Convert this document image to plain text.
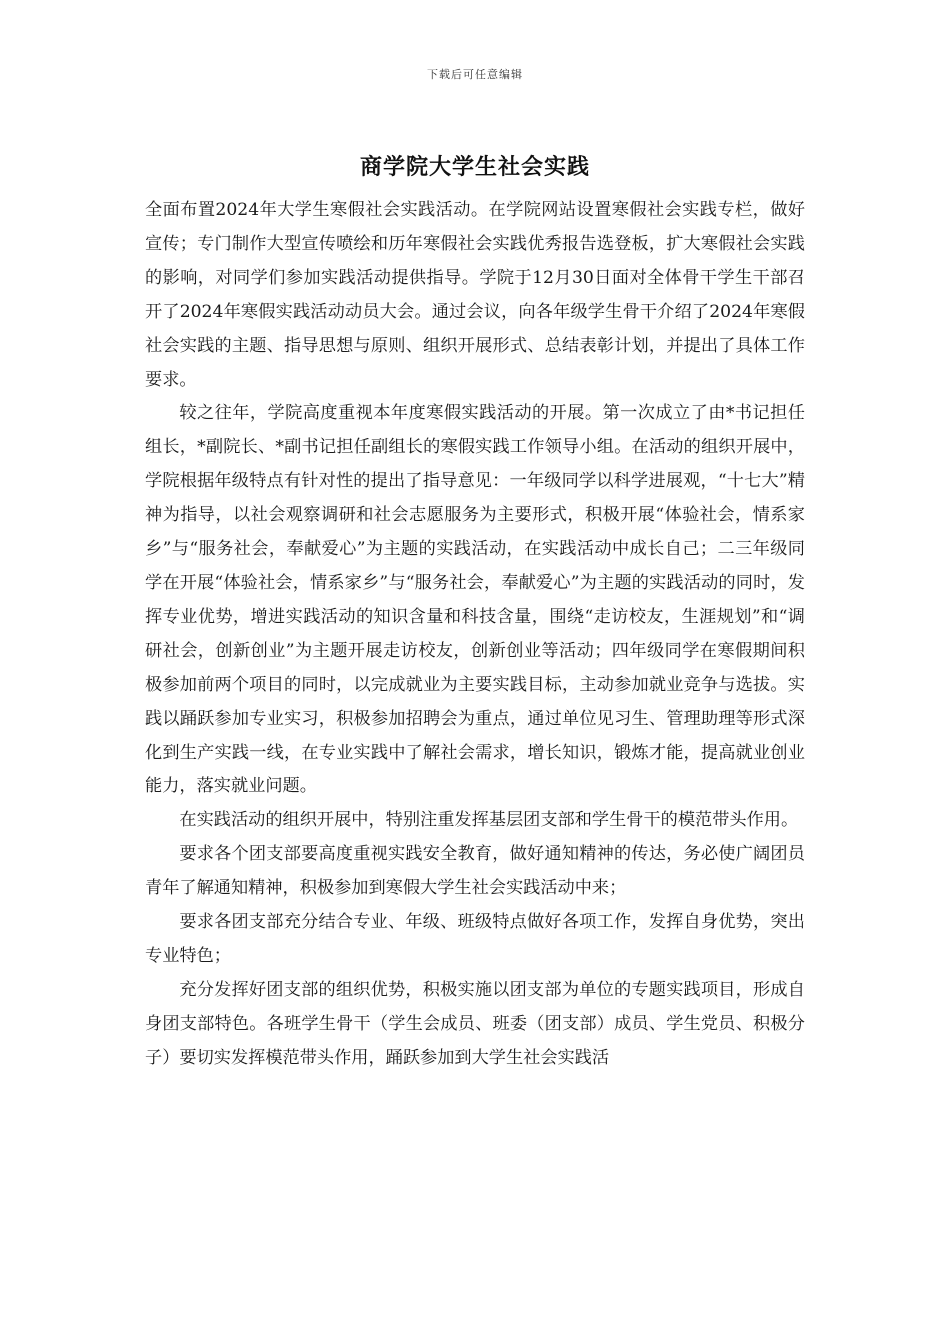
下载后可任意编辑
商学院大学生社会实践

全面布置2024年大学生寒假社会实践活动。在学院网站设置寒假社会实践专栏，做好宣传；专门制作大型宣传喷绘和历年寒假社会实践优秀报告选登板，扩大寒假社会实践的影响，对同学们参加实践活动提供指导。学院于12月30日面对全体骨干学生干部召开了2024年寒假实践活动动员大会。通过会议，向各年级学生骨干介绍了2024年寒假社会实践的主题、指导思想与原则、组织开展形式、总结表彰计划，并提出了具体工作要求。

较之往年，学院高度重视本年度寒假实践活动的开展。第一次成立了由*书记担任组长，*副院长、*副书记担任副组长的寒假实践工作领导小组。在活动的组织开展中，学院根据年级特点有针对性的提出了指导意见：一年级同学以科学进展观，“十七大”精神为指导，以社会观察调研和社会志愿服务为主要形式，积极开展“体验社会，情系家乡”与“服务社会，奉献爱心”为主题的实践活动，在实践活动中成长自己；二三年级同学在开展“体验社会，情系家乡”与“服务社会，奉献爱心”为主题的实践活动的同时，发挥专业优势，增进实践活动的知识含量和科技含量，围绕“走访校友，生涯规划”和“调研社会，创新创业”为主题开展走访校友，创新创业等活动；四年级同学在寒假期间积极参加前两个项目的同时，以完成就业为主要实践目标，主动参加就业竞争与选拔。实践以踊跃参加专业实习，积极参加招聘会为重点，通过单位见习生、管理助理等形式深化到生产实践一线，在专业实践中了解社会需求，增长知识，锻炼才能，提高就业创业能力，落实就业问题。

在实践活动的组织开展中，特别注重发挥基层团支部和学生骨干的模范带头作用。

要求各个团支部要高度重视实践安全教育，做好通知精神的传达，务必使广阔团员青年了解通知精神，积极参加到寒假大学生社会实践活动中来；

要求各团支部充分结合专业、年级、班级特点做好各项工作，发挥自身优势，突出专业特色；

充分发挥好团支部的组织优势，积极实施以团支部为单位的专题实践项目，形成自身团支部特色。各班学生骨干（学生会成员、班委（团支部）成员、学生党员、积极分子）要切实发挥模范带头作用，踊跃参加到大学生社会实践活
